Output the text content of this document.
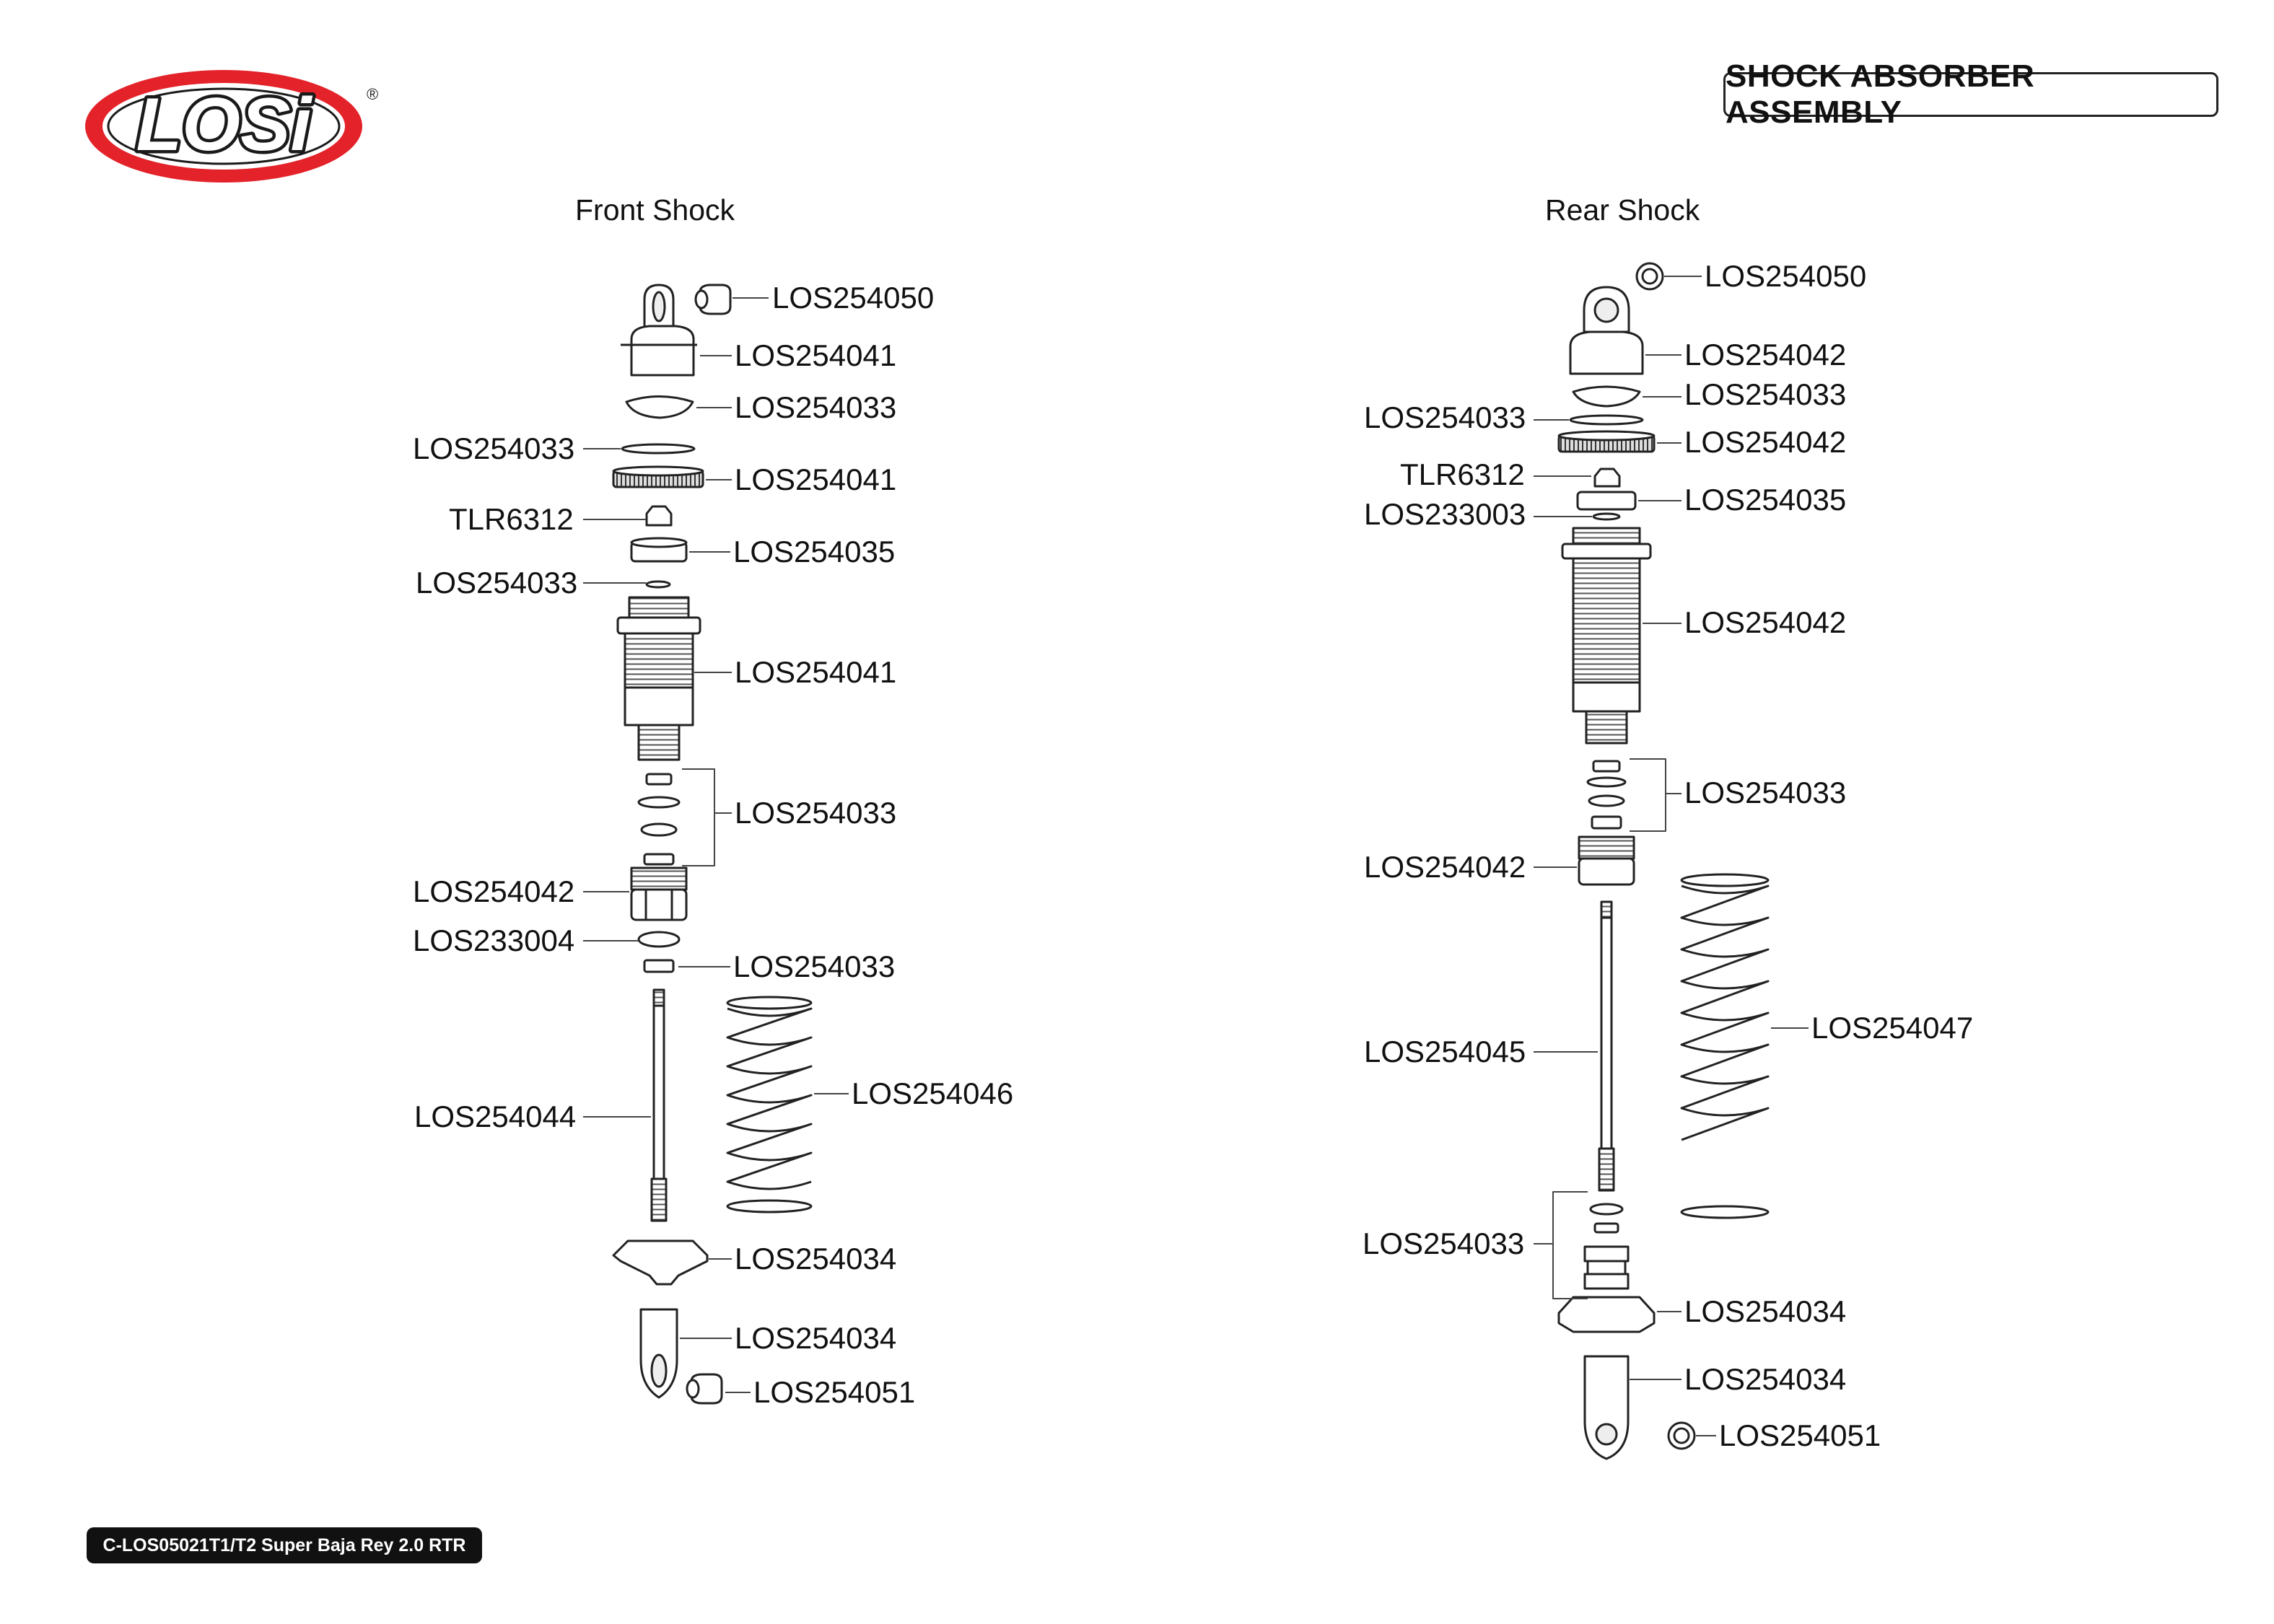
LOSi	®
SHOCK ABSORBER ASSEMBLY
Front Shock	Rear Shock
LOS254050
LOS254041
LOS254033
LOS254033
LOS254041
TLR6312
LOS254035
LOS254033
LOS254041
LOS254033
LOS254042
LOS233004
LOS254033
LOS254046
LOS254044
LOS254034
LOS254034
LOS254051
LOS254050
LOS254042
LOS254033
LOS254033
LOS254042
TLR6312
LOS254035
LOS233003
LOS254042
LOS254033
LOS254042
LOS254047
LOS254045
LOS254033
LOS254034
LOS254034
LOS254051
C-LOS05021T1/T2 Super Baja Rey 2.0 RTR
